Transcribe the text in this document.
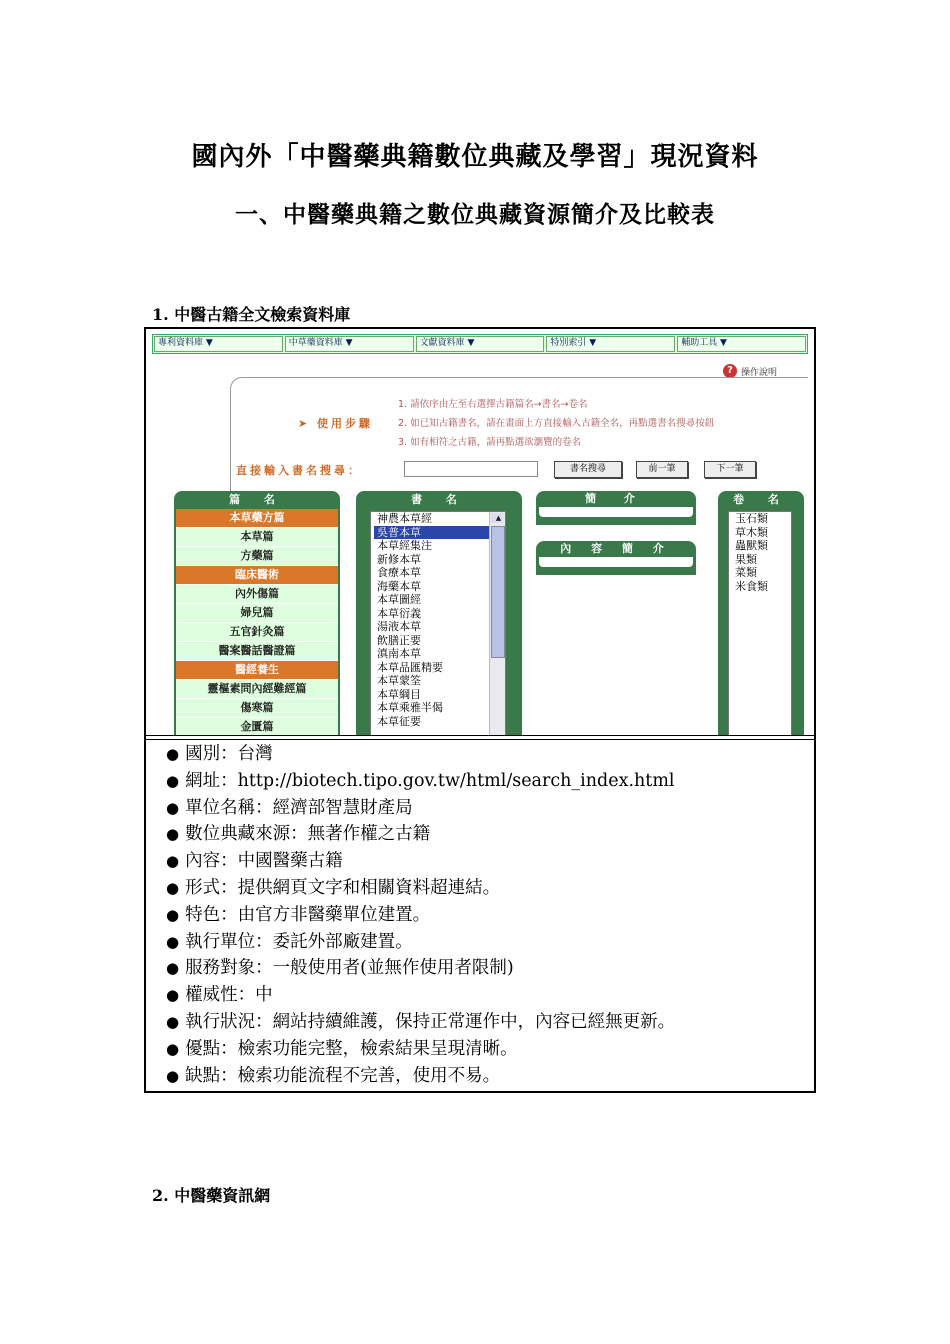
國內外「中醫藥典籍數位典藏及學習」現況資料
一、中醫藥典籍之數位典藏資源簡介及比較表
1. 中醫古籍全文檢索資料庫
專利資料庫 ▼	中草藥資料庫 ▼	文獻資料庫 ▼	特別索引 ▼	輔助工具 ▼
? 操作說明
➤ 使用步驟
1. 請依序由左至右選擇古籍篇名→書名→卷名
2. 如已知古籍書名，請在畫面上方直接輸入古籍全名，再點選書名搜尋按鈕
3. 如有相符之古籍，請再點選欲瀏覽的卷名
直接輸入書名搜尋：	書名搜尋	前一筆	下一筆
篇 名
本草藥方篇
本草篇
方藥篇
臨床醫術
內外傷篇
婦兒篇
五官針灸篇
醫案醫話醫證篇
醫經養生
靈樞素問內經難經篇
傷寒篇
金匱篇
書 名
神農本草經
吳普本草
本草經集注
新修本草
食療本草
海藥本草
本草圖經
本草衍義
湯液本草
飲膳正要
滇南本草
本草品匯精要
本草蒙筌
本草綱目
本草乘雅半偈
本草征要
▲
簡 介
內 容 簡 介
卷 名
玉石類
草木類
蟲獸類
果類
菜類
米食類
● 國別：台灣
● 網址：http://biotech.tipo.gov.tw/html/search_index.html
● 單位名稱：經濟部智慧財產局
● 數位典藏來源：無著作權之古籍
● 內容：中國醫藥古籍
● 形式：提供網頁文字和相關資料超連結。
● 特色：由官方非醫藥單位建置。
● 執行單位：委託外部廠建置。
● 服務對象：一般使用者(並無作使用者限制)
● 權威性：中
● 執行狀況：網站持續維護，保持正常運作中，內容已經無更新。
● 優點：檢索功能完整，檢索結果呈現清晰。
● 缺點：檢索功能流程不完善，使用不易。
2. 中醫藥資訊網
